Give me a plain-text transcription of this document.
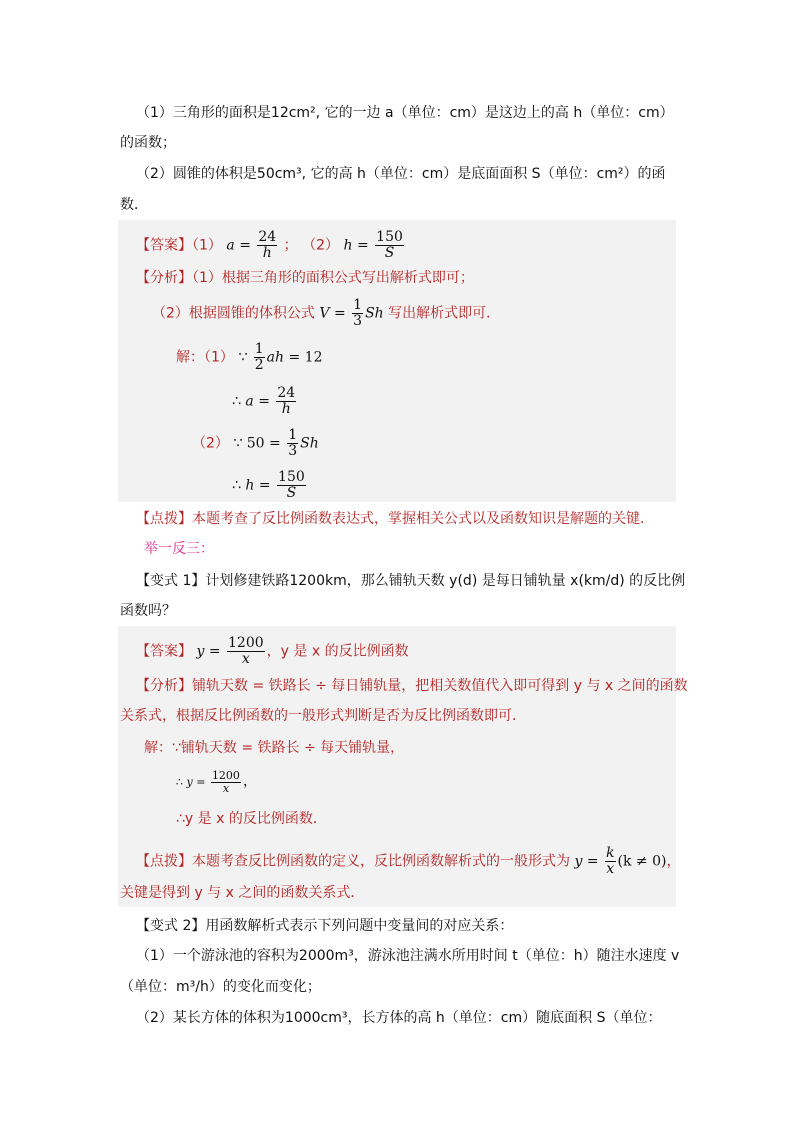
（1）三角形的面积是12cm², 它的一边 a（单位：cm）是这边上的高 h（单位：cm）
的函数；
（2）圆锥的体积是50cm³, 它的高 h（单位：cm）是底面面积 S（单位：cm²）的函
数．
【答案】（1） $a = \frac{24}{h}$ ； （2） $h = \frac{150}{S}$
【分析】（1）根据三角形的面积公式写出解析式即可；
（2）根据圆锥的体积公式 $V = \frac{1}{3}$ Sh 写出解析式即可．
解：（1） ∵ $\frac{1}{2}$ ah = 12
∴ $a = \frac{24}{h}$
（2） ∵ $50 = \frac{1}{3}$ Sh
∴ $h = \frac{150}{S}$
【点拨】本题考查了反比例函数表达式，掌握相关公式以及函数知识是解题的关键．
举一反三：
【变式 1】计划修建铁路1200km，那么铺轨天数 y(d) 是每日铺轨量 x(km/d) 的反比例
函数吗？
【答案】 $y = \frac{1200}{x}$ ，y 是 x 的反比例函数
【分析】铺轨天数 = 铁路长 ÷ 每日铺轨量，把相关数值代入即可得到 y 与 x 之间的函数
关系式，根据反比例函数的一般形式判断是否为反比例函数即可．
解：∵铺轨天数 = 铁路长 ÷ 每天铺轨量，
∴ $y = \frac{1200}{x}$ ，
∴y 是 x 的反比例函数．
【点拨】本题考查反比例函数的定义，反比例函数解析式的一般形式为 $y = \frac{k}{x} (k \ne 0)$，
关键是得到 y 与 x 之间的函数关系式．
【变式 2】用函数解析式表示下列问题中变量间的对应关系：
（1）一个游泳池的容积为2000m³，游泳池注满水所用时间 t（单位：h）随注水速度 v
（单位：m³/h）的变化而变化；
（2）某长方体的体积为1000cm³，长方体的高 h（单位：cm）随底面积 S（单位：
